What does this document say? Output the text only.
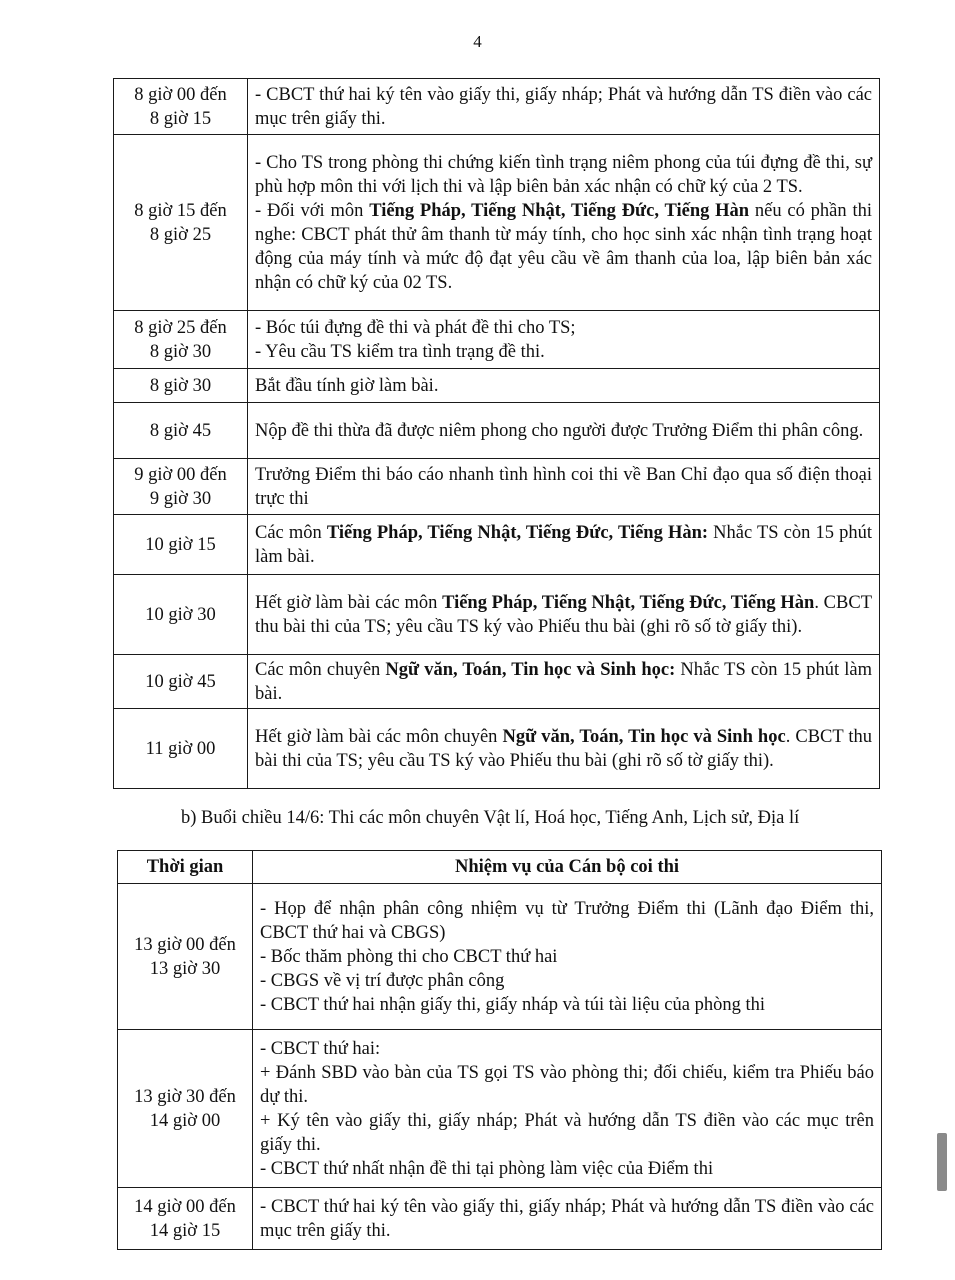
4
8 giờ 00 đến
8 giờ 15	- CBCT thứ hai ký tên vào giấy thi, giấy nháp; Phát và hướng dẫn TS điền vào các mục trên giấy thi.

8 giờ 15 đến
8 giờ 25	- Cho TS trong phòng thi chứng kiến tình trạng niêm phong của túi đựng đề thi, sự phù hợp môn thi với lịch thi và lập biên bản xác nhận có chữ ký của 2 TS.
- Đối với môn Tiếng Pháp, Tiếng Nhật, Tiếng Đức, Tiếng Hàn nếu có phần thi nghe: CBCT phát thử âm thanh từ máy tính, cho học sinh xác nhận tình trạng hoạt động của máy tính và mức độ đạt yêu cầu về âm thanh của loa, lập biên bản xác nhận có chữ ký của 02 TS.

8 giờ 25 đến
8 giờ 30	- Bóc túi đựng đề thi và phát đề thi cho TS;
- Yêu cầu TS kiểm tra tình trạng đề thi.

8 giờ 30	Bắt đầu tính giờ làm bài.

8 giờ 45	Nộp đề thi thừa đã được niêm phong cho người được Trưởng Điểm thi phân công.

9 giờ 00 đến
9 giờ 30	Trưởng Điểm thi báo cáo nhanh tình hình coi thi về Ban Chỉ đạo qua số điện thoại trực thi

10 giờ 15	Các môn Tiếng Pháp, Tiếng Nhật, Tiếng Đức, Tiếng Hàn: Nhắc TS còn 15 phút làm bài.

10 giờ 30	Hết giờ làm bài các môn Tiếng Pháp, Tiếng Nhật, Tiếng Đức, Tiếng Hàn. CBCT thu bài thi của TS; yêu cầu TS ký vào Phiếu thu bài (ghi rõ số tờ giấy thi).

10 giờ 45	Các môn chuyên Ngữ văn, Toán, Tin học và Sinh học: Nhắc TS còn 15 phút làm bài.

11 giờ 00	Hết giờ làm bài các môn chuyên Ngữ văn, Toán, Tin học và Sinh học. CBCT thu bài thi của TS; yêu cầu TS ký vào Phiếu thu bài (ghi rõ số tờ giấy thi).
b) Buổi chiều 14/6: Thi các môn chuyên Vật lí, Hoá học, Tiếng Anh, Lịch sử, Địa lí
Thời gian	Nhiệm vụ của Cán bộ coi thi

13 giờ 00 đến
13 giờ 30	- Họp để nhận phân công nhiệm vụ từ Trưởng Điểm thi (Lãnh đạo Điểm thi, CBCT thứ hai và CBGS)
- Bốc thăm phòng thi cho CBCT thứ hai
- CBGS về vị trí được phân công
- CBCT thứ hai nhận giấy thi, giấy nháp và túi tài liệu của phòng thi

13 giờ 30 đến
14 giờ 00	- CBCT thứ hai:
+ Đánh SBD vào bàn của TS gọi TS vào phòng thi; đối chiếu, kiểm tra Phiếu báo dự thi.
+ Ký tên vào giấy thi, giấy nháp; Phát và hướng dẫn TS điền vào các mục trên giấy thi.
- CBCT thứ nhất nhận đề thi tại phòng làm việc của Điểm thi

14 giờ 00 đến
14 giờ 15	- CBCT thứ hai ký tên vào giấy thi, giấy nháp; Phát và hướng dẫn TS điền vào các mục trên giấy thi.
